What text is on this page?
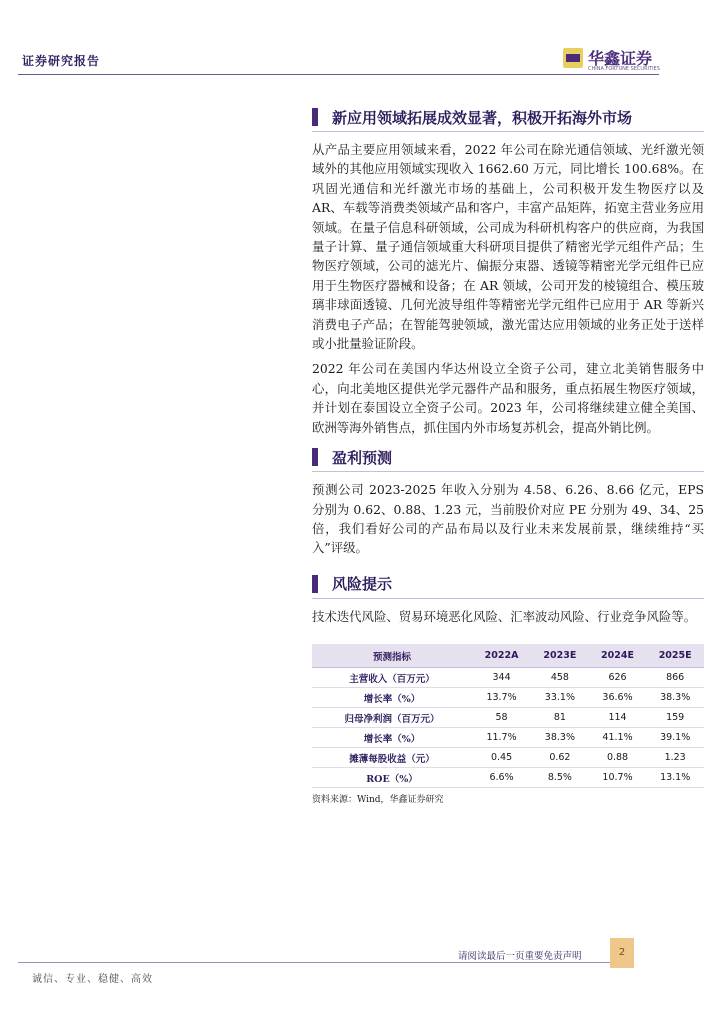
证券研究报告	华鑫证券
CHINA FORTUNE SECURITIES
新应用领域拓展成效显著，积极开拓海外市场

从产品主要应用领域来看，2022 年公司在除光通信领域、光纤激光领域外的其他应用领域实现收入 1662.60 万元，同比增长 100.68%。在巩固光通信和光纤激光市场的基础上，公司积极开发生物医疗以及 AR、车载等消费类领域产品和客户，丰富产品矩阵，拓宽主营业务应用领域。在量子信息科研领域，公司成为科研机构客户的供应商，为我国量子计算、量子通信领域重大科研项目提供了精密光学元组件产品；生物医疗领域，公司的滤光片、偏振分束器、透镜等精密光学元组件已应用于生物医疗器械和设备；在 AR 领域，公司开发的棱镜组合、模压玻璃非球面透镜、几何光波导组件等精密光学元组件已应用于 AR 等新兴消费电子产品；在智能驾驶领域，激光雷达应用领域的业务正处于送样或小批量验证阶段。

2022 年公司在美国内华达州设立全资子公司，建立北美销售服务中心，向北美地区提供光学元器件产品和服务，重点拓展生物医疗领域，并计划在泰国设立全资子公司。2023 年，公司将继续建立健全美国、欧洲等海外销售点，抓住国内外市场复苏机会，提高外销比例。

盈利预测

预测公司 2023-2025 年收入分别为 4.58、6.26、8.66 亿元，EPS 分别为 0.62、0.88、1.23 元，当前股价对应 PE 分别为 49、34、25 倍，我们看好公司的产品布局以及行业未来发展前景，继续维持“买入”评级。

风险提示

技术迭代风险、贸易环境恶化风险、汇率波动风险、行业竞争风险等。

预测指标	2022A	2023E	2024E	2025E
主营收入（百万元）	344	458	626	866
增长率（%）	13.7%	33.1%	36.6%	38.3%
归母净利润（百万元）	58	81	114	159
增长率（%）	11.7%	38.3%	41.1%	39.1%
摊薄每股收益（元）	0.45	0.62	0.88	1.23
ROE（%）	6.6%	8.5%	10.7%	13.1%
资料来源：Wind，华鑫证券研究
请阅读最后一页重要免责声明	2
诚信、专业、稳健、高效
